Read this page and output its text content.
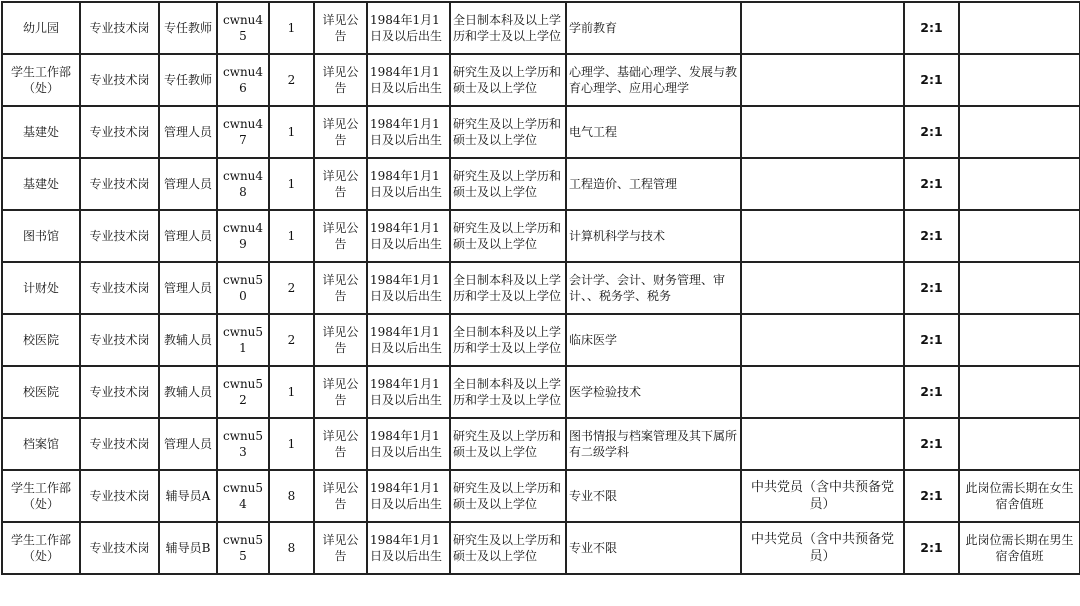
幼儿园	专业技术岗	专任教师	cwnu45	1	详见公告	1984年1月1日及以后出生	全日制本科及以上学历和学士及以上学位	学前教育		2:1	
学生工作部（处）	专业技术岗	专任教师	cwnu46	2	详见公告	1984年1月1日及以后出生	研究生及以上学历和硕士及以上学位	心理学、基础心理学、发展与教育心理学、应用心理学		2:1	
基建处	专业技术岗	管理人员	cwnu47	1	详见公告	1984年1月1日及以后出生	研究生及以上学历和硕士及以上学位	电气工程		2:1	
基建处	专业技术岗	管理人员	cwnu48	1	详见公告	1984年1月1日及以后出生	研究生及以上学历和硕士及以上学位	工程造价、工程管理		2:1	
图书馆	专业技术岗	管理人员	cwnu49	1	详见公告	1984年1月1日及以后出生	研究生及以上学历和硕士及以上学位	计算机科学与技术		2:1	
计财处	专业技术岗	管理人员	cwnu50	2	详见公告	1984年1月1日及以后出生	全日制本科及以上学历和学士及以上学位	会计学、会计、财务管理、审计、、税务学、税务		2:1	
校医院	专业技术岗	教辅人员	cwnu51	2	详见公告	1984年1月1日及以后出生	全日制本科及以上学历和学士及以上学位	临床医学		2:1	
校医院	专业技术岗	教辅人员	cwnu52	1	详见公告	1984年1月1日及以后出生	全日制本科及以上学历和学士及以上学位	医学检验技术		2:1	
档案馆	专业技术岗	管理人员	cwnu53	1	详见公告	1984年1月1日及以后出生	研究生及以上学历和硕士及以上学位	图书情报与档案管理及其下属所有二级学科		2:1	
学生工作部（处）	专业技术岗	辅导员A	cwnu54	8	详见公告	1984年1月1日及以后出生	研究生及以上学历和硕士及以上学位	专业不限	中共党员（含中共预备党员）	2:1	此岗位需长期在女生宿舍值班
学生工作部（处）	专业技术岗	辅导员B	cwnu55	8	详见公告	1984年1月1日及以后出生	研究生及以上学历和硕士及以上学位	专业不限	中共党员（含中共预备党员）	2:1	此岗位需长期在男生宿舍值班
